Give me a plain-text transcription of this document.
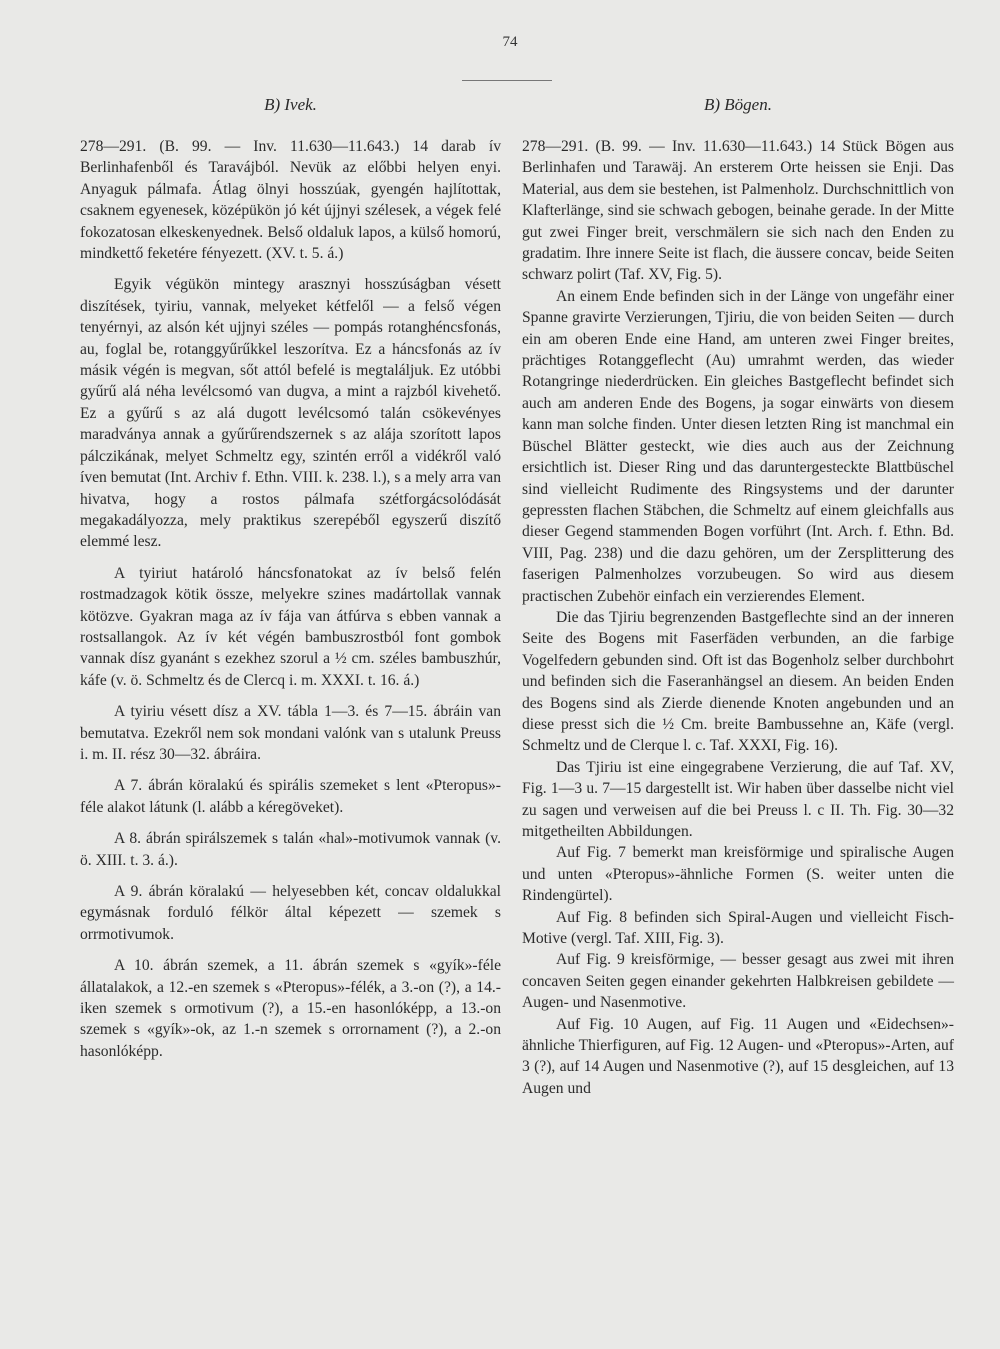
74
B) Ivek.

278—291. (B. 99. — Inv. 11.630—11.643.) 14 darab ív Berlinhafenből és Taravájból. Nevük az előbbi helyen enyi. Anyaguk pálmafa. Átlag ölnyi hosszúak, gyengén hajlítottak, csaknem egyenesek, középükön jó két újjnyi szélesek, a végek felé fokozatosan elkeskenyednek. Belső oldaluk lapos, a külső homorú, mindkettő feketére fényezett. (XV. t. 5. á.)

Egyik végükön mintegy arasznyi hosszúságban vésett diszítések, tyiriu, vannak, melyeket kétfelől — a felső végen tenyérnyi, az alsón két ujjnyi széles — pompás rotanghéncsfonás, au, foglal be, rotanggyűrűkkel leszorítva. Ez a háncsfonás az ív másik végén is megvan, sőt attól befelé is megtaláljuk. Ez utóbbi gyűrű alá néha levélcsomó van dugva, a mint a rajzból kivehető. Ez a gyűrű s az alá dugott levélcsomó talán csökevényes maradványa annak a gyűrűrendszernek s az alája szorított lapos pálczikának, melyet Schmeltz egy, szintén erről a vidékről való íven bemutat (Int. Archiv f. Ethn. VIII. k. 238. l.), s a mely arra van hivatva, hogy a rostos pálmafa szétforgácsolódását megakadályozza, mely praktikus szerepéből egyszerű diszítő elemmé lesz.

A tyiriut határoló háncsfonatokat az ív belső felén rostmadzagok kötik össze, melyekre szines madártollak vannak kötözve. Gyakran maga az ív fája van átfúrva s ebben vannak a rostsallangok. Az ív két végén bambuszrostból font gombok vannak dísz gyanánt s ezekhez szorul a ½ cm. széles bambuszhúr, káfe (v. ö. Schmeltz és de Clercq i. m. XXXI. t. 16. á.)

A tyiriu vésett dísz a XV. tábla 1—3. és 7—15. ábráin van bemutatva. Ezekről nem sok mondani valónk van s utalunk Preuss i. m. II. rész 30—32. ábráira.

A 7. ábrán köralakú és spirális szemeket s lent «Pteropus»-féle alakot látunk (l. alább a kéregöveket).

A 8. ábrán spirálszemek s talán «hal»-motivumok vannak (v. ö. XIII. t. 3. á.).

A 9. ábrán köralakú — helyesebben két, concav oldalukkal egymásnak forduló félkör által képezett — szemek s orrmotivumok.

A 10. ábrán szemek, a 11. ábrán szemek s «gyík»-féle állatalakok, a 12.-en szemek s «Pteropus»-félék, a 3.-on (?), a 14.-iken szemek s ormotivum (?), a 15.-en hasonlóképp, a 13.-on szemek s «gyík»-ok, az 1.-n szemek s orrornament (?), a 2.-on hasonlóképp.

B) Bögen.

278—291. (B. 99. — Inv. 11.630—11.643.) 14 Stück Bögen aus Berlinhafen und Tarawäj. An ersterem Orte heissen sie Enji. Das Material, aus dem sie bestehen, ist Palmenholz. Durchschnittlich von Klafterlänge, sind sie schwach gebogen, beinahe gerade. In der Mitte gut zwei Finger breit, verschmälern sie sich nach den Enden zu gradatim. Ihre innere Seite ist flach, die äussere concav, beide Seiten schwarz polirt (Taf. XV, Fig. 5).

An einem Ende befinden sich in der Länge von ungefähr einer Spanne gravirte Verzierungen, Tjiriu, die von beiden Seiten — durch ein am oberen Ende eine Hand, am unteren zwei Finger breites, prächtiges Rotanggeflecht (Au) umrahmt werden, das wieder Rotangringe niederdrücken. Ein gleiches Bastgeflecht befindet sich auch am anderen Ende des Bogens, ja sogar einwärts von diesem kann man solche finden. Unter diesen letzten Ring ist manchmal ein Büschel Blätter gesteckt, wie dies auch aus der Zeichnung ersichtlich ist. Dieser Ring und das daruntergesteckte Blattbüschel sind vielleicht Rudimente des Ringsystems und der darunter gepressten flachen Stäbchen, die Schmeltz auf einem gleichfalls aus dieser Gegend stammenden Bogen vorführt (Int. Arch. f. Ethn. Bd. VIII, Pag. 238) und die dazu gehören, um der Zersplitterung des faserigen Palmenholzes vorzubeugen. So wird aus diesem practischen Zubehör einfach ein verzierendes Element.

Die das Tjiriu begrenzenden Bastgeflechte sind an der inneren Seite des Bogens mit Faserfäden verbunden, an die farbige Vogelfedern gebunden sind. Oft ist das Bogenholz selber durchbohrt und befinden sich die Faseranhängsel an diesem. An beiden Enden des Bogens sind als Zierde dienende Knoten angebunden und an diese presst sich die ½ Cm. breite Bambussehne an, Käfe (vergl. Schmeltz und de Clerque l. c. Taf. XXXI, Fig. 16).

Das Tjiriu ist eine eingegrabene Verzierung, die auf Taf. XV, Fig. 1—3 u. 7—15 dargestellt ist. Wir haben über dasselbe nicht viel zu sagen und verweisen auf die bei Preuss l. c II. Th. Fig. 30—32 mitgetheilten Abbildungen.

Auf Fig. 7 bemerkt man kreisförmige und spiralische Augen und unten «Pteropus»-ähnliche Formen (S. weiter unten die Rindengürtel).

Auf Fig. 8 befinden sich Spiral-Augen und vielleicht Fisch-Motive (vergl. Taf. XIII, Fig. 3).

Auf Fig. 9 kreisförmige, — besser gesagt aus zwei mit ihren concaven Seiten gegen einander gekehrten Halbkreisen gebildete — Augen- und Nasenmotive.

Auf Fig. 10 Augen, auf Fig. 11 Augen und «Eidechsen»-ähnliche Thierfiguren, auf Fig. 12 Augen- und «Pteropus»-Arten, auf 3 (?), auf 14 Augen und Nasenmotive (?), auf 15 desgleichen, auf 13 Augen und
